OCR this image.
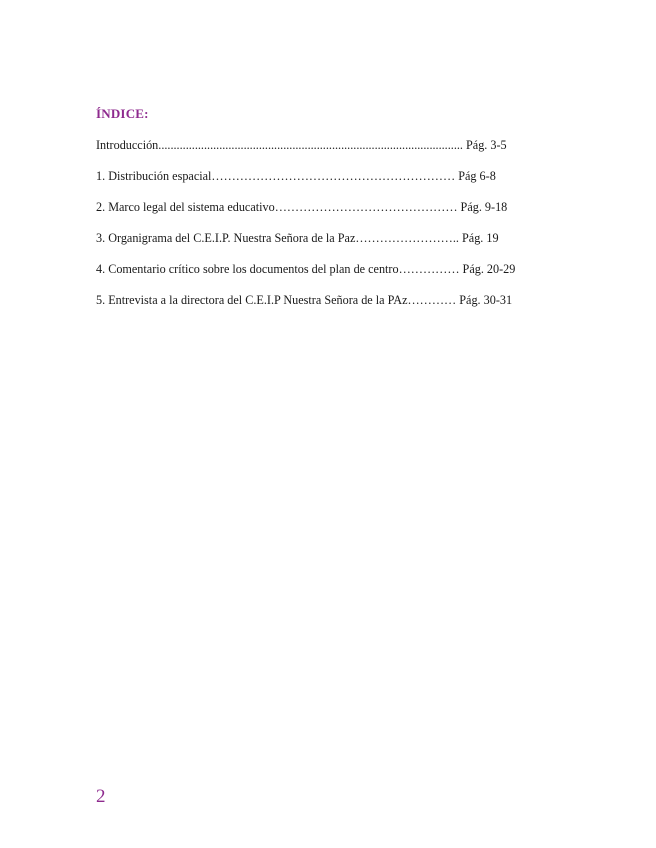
ÍNDICE:
Introducción.................................................................................................... Pág. 3-5
1. Distribución espacial…………………………………………………… Pág 6-8
2. Marco legal del sistema educativo……………………………………… Pág. 9-18
3. Organigrama del C.E.I.P. Nuestra Señora de la Paz…………………….. Pág. 19
4. Comentario crítico sobre los documentos del plan de centro…………… Pág. 20-29
5. Entrevista a la directora del C.E.I.P Nuestra Señora de la PAz………… Pág. 30-31
2
